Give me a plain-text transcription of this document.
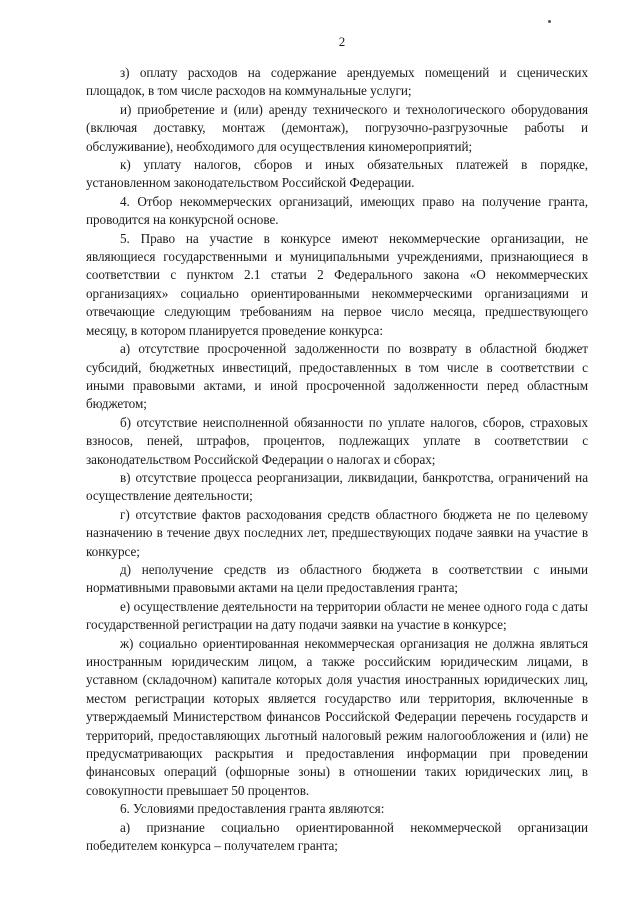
2

з) оплату расходов на содержание арендуемых помещений и сценических площадок, в том числе расходов на коммунальные услуги;

и) приобретение и (или) аренду технического и технологического оборудования (включая доставку, монтаж (демонтаж), погрузочно-разгрузочные работы и обслуживание), необходимого для осуществления киномероприятий;

к) уплату налогов, сборов и иных обязательных платежей в порядке, установленном законодательством Российской Федерации.

4. Отбор некоммерческих организаций, имеющих право на получение гранта, проводится на конкурсной основе.

5. Право на участие в конкурсе имеют некоммерческие организации, не являющиеся государственными и муниципальными учреждениями, признающиеся в соответствии с пунктом 2.1 статьи 2 Федерального закона «О некоммерческих организациях» социально ориентированными некоммерческими организациями и отвечающие следующим требованиям на первое число месяца, предшествующего месяцу, в котором планируется проведение конкурса:

а) отсутствие просроченной задолженности по возврату в областной бюджет субсидий, бюджетных инвестиций, предоставленных в том числе в соответствии с иными правовыми актами, и иной просроченной задолженности перед областным бюджетом;

б) отсутствие неисполненной обязанности по уплате налогов, сборов, страховых взносов, пеней, штрафов, процентов, подлежащих уплате в соответствии с законодательством Российской Федерации о налогах и сборах;

в) отсутствие процесса реорганизации, ликвидации, банкротства, ограничений на осуществление деятельности;

г) отсутствие фактов расходования средств областного бюджета не по целевому назначению в течение двух последних лет, предшествующих подаче заявки на участие в конкурсе;

д) неполучение средств из областного бюджета в соответствии с иными нормативными правовыми актами на цели предоставления гранта;

е) осуществление деятельности на территории области не менее одного года с даты государственной регистрации на дату подачи заявки на участие в конкурсе;

ж) социально ориентированная некоммерческая организация не должна являться иностранным юридическим лицом, а также российским юридическим лицами, в уставном (складочном) капитале которых доля участия иностранных юридических лиц, местом регистрации которых является государство или территория, включенные в утверждаемый Министерством финансов Российской Федерации перечень государств и территорий, предоставляющих льготный налоговый режим налогообложения и (или) не предусматривающих раскрытия и предоставления информации при проведении финансовых операций (офшорные зоны) в отношении таких юридических лиц, в совокупности превышает 50 процентов.

6. Условиями предоставления гранта являются:

а) признание социально ориентированной некоммерческой организации победителем конкурса – получателем гранта;
